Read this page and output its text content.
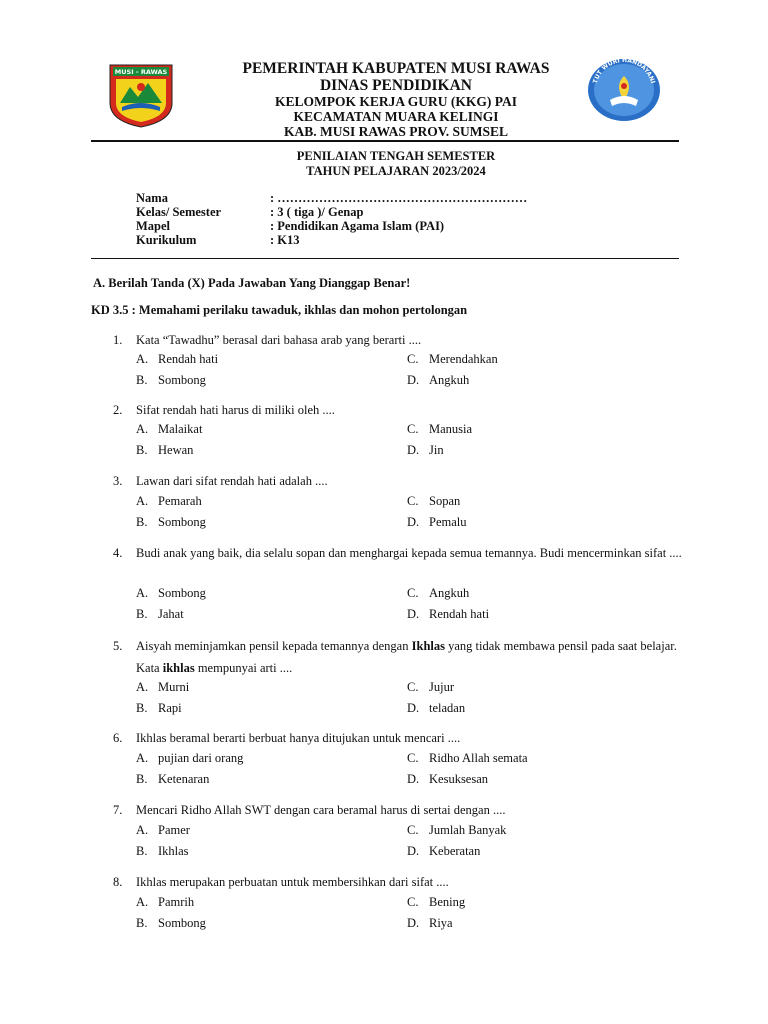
MUSI - RAWAS	PEMERINTAH KABUPATEN MUSI RAWAS
DINAS PENDIDIKAN
KELOMPOK KERJA GURU (KKG) PAI
KECAMATAN MUARA KELINGI
KAB. MUSI RAWAS PROV. SUMSEL
TUT WURI HANDAYANI
PENILAIAN TENGAH SEMESTER
TAHUN PELAJARAN 2023/2024
Nama	: ……………………………………………………
Kelas/ Semester	: 3 ( tiga )/ Genap
Mapel	: Pendidikan Agama Islam (PAI)
Kurikulum	: K13
A. Berilah Tanda (X) Pada Jawaban Yang Dianggap Benar!
KD 3.5 : Memahami perilaku tawaduk, ikhlas dan mohon pertolongan
1. Kata “Tawadhu” berasal dari bahasa arab yang berarti ....
A. Rendah hati	C. Merendahkan
B. Sombong	D. Angkuh
2. Sifat rendah hati harus di miliki oleh ....
A. Malaikat	C. Manusia
B. Hewan	D. Jin
3. Lawan dari sifat rendah hati adalah ....
A. Pemarah	C. Sopan
B. Sombong	D. Pemalu
4. Budi anak yang baik, dia selalu sopan dan menghargai kepada semua temannya. Budi mencerminkan sifat ....
A. Sombong	C. Angkuh
B. Jahat	D. Rendah hati
5. Aisyah meminjamkan pensil kepada temannya dengan Ikhlas yang tidak membawa pensil pada saat belajar. Kata ikhlas mempunyai arti ....
A. Murni	C. Jujur
B. Rapi	D. teladan
6. Ikhlas beramal berarti berbuat hanya ditujukan untuk mencari ....
A. pujian dari orang	C. Ridho Allah semata
B. Ketenaran	D. Kesuksesan
7. Mencari Ridho Allah SWT dengan cara beramal harus di sertai dengan ....
A. Pamer	C. Jumlah Banyak
B. Ikhlas	D. Keberatan
8. Ikhlas merupakan perbuatan untuk membersihkan dari sifat ....
A. Pamrih	C. Bening
B. Sombong	D. Riya
